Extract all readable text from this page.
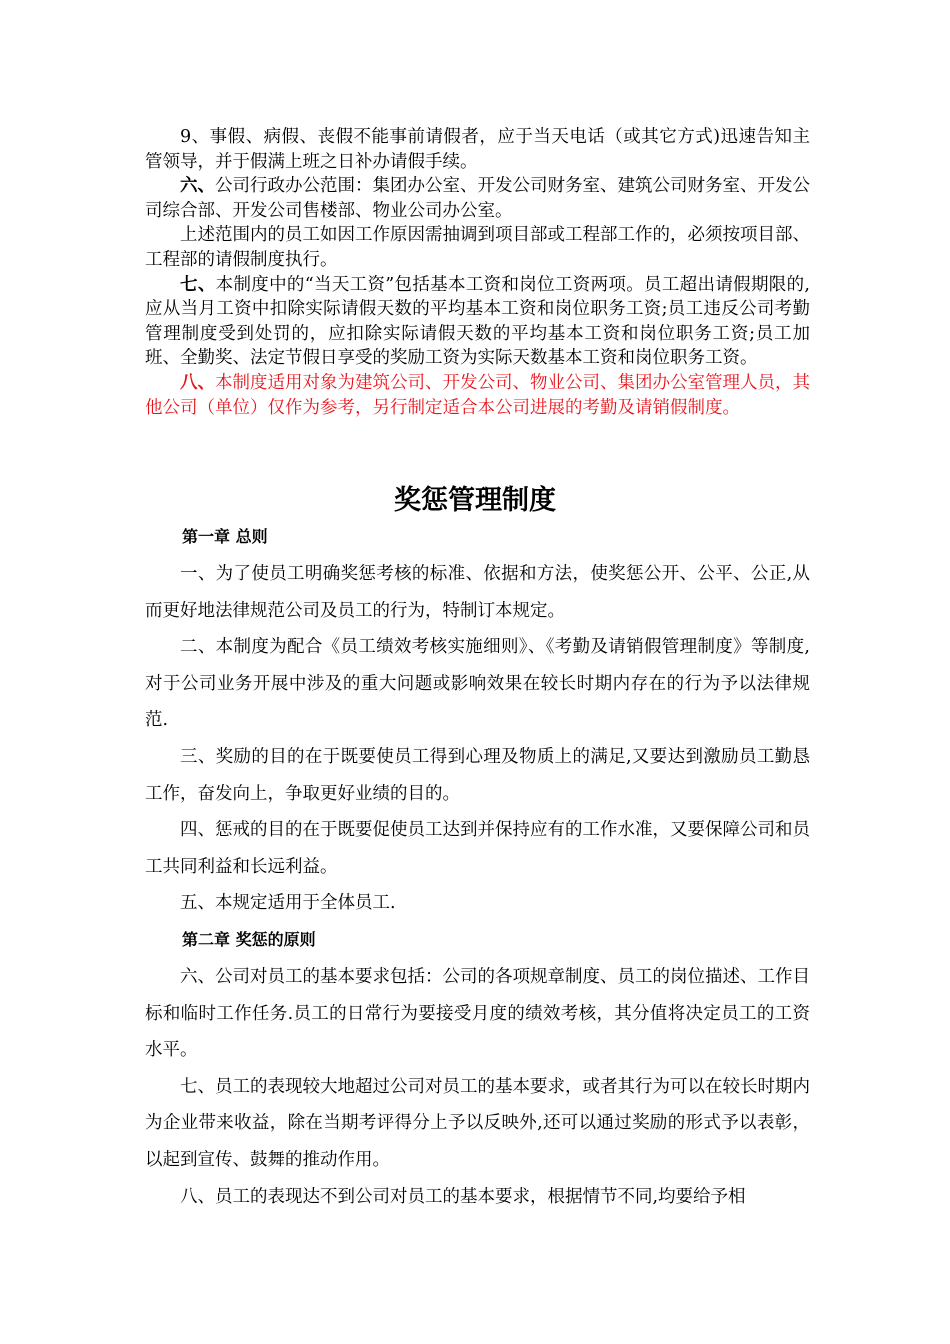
9、事假、病假、丧假不能事前请假者，应于当天电话（或其它方式)迅速告知主管领导，并于假满上班之日补办请假手续。

六、公司行政办公范围：集团办公室、开发公司财务室、建筑公司财务室、开发公司综合部、开发公司售楼部、物业公司办公室。

上述范围内的员工如因工作原因需抽调到项目部或工程部工作的，必须按项目部、工程部的请假制度执行。

七、本制度中的“当天工资”包括基本工资和岗位工资两项。员工超出请假期限的,应从当月工资中扣除实际请假天数的平均基本工资和岗位职务工资;员工违反公司考勤管理制度受到处罚的，应扣除实际请假天数的平均基本工资和岗位职务工资;员工加班、全勤奖、法定节假日享受的奖励工资为实际天数基本工资和岗位职务工资。

八、本制度适用对象为建筑公司、开发公司、物业公司、集团办公室管理人员，其他公司（单位）仅作为参考，另行制定适合本公司进展的考勤及请销假制度。

奖惩管理制度
第一章 总则

一、为了使员工明确奖惩考核的标准、依据和方法，使奖惩公开、公平、公正,从而更好地法律规范公司及员工的行为，特制订本规定。

二、本制度为配合《员工绩效考核实施细则》、《考勤及请销假管理制度》等制度,对于公司业务开展中涉及的重大问题或影响效果在较长时期内存在的行为予以法律规范.

三、奖励的目的在于既要使员工得到心理及物质上的满足,又要达到激励员工勤恳工作，奋发向上，争取更好业绩的目的。

四、惩戒的目的在于既要促使员工达到并保持应有的工作水准，又要保障公司和员工共同利益和长远利益。

五、本规定适用于全体员工.

第二章 奖惩的原则

六、公司对员工的基本要求包括：公司的各项规章制度、员工的岗位描述、工作目标和临时工作任务.员工的日常行为要接受月度的绩效考核，其分值将决定员工的工资水平。

七、员工的表现较大地超过公司对员工的基本要求，或者其行为可以在较长时期内为企业带来收益，除在当期考评得分上予以反映外,还可以通过奖励的形式予以表彰，以起到宣传、鼓舞的推动作用。

八、员工的表现达不到公司对员工的基本要求，根据情节不同,均要给予相
